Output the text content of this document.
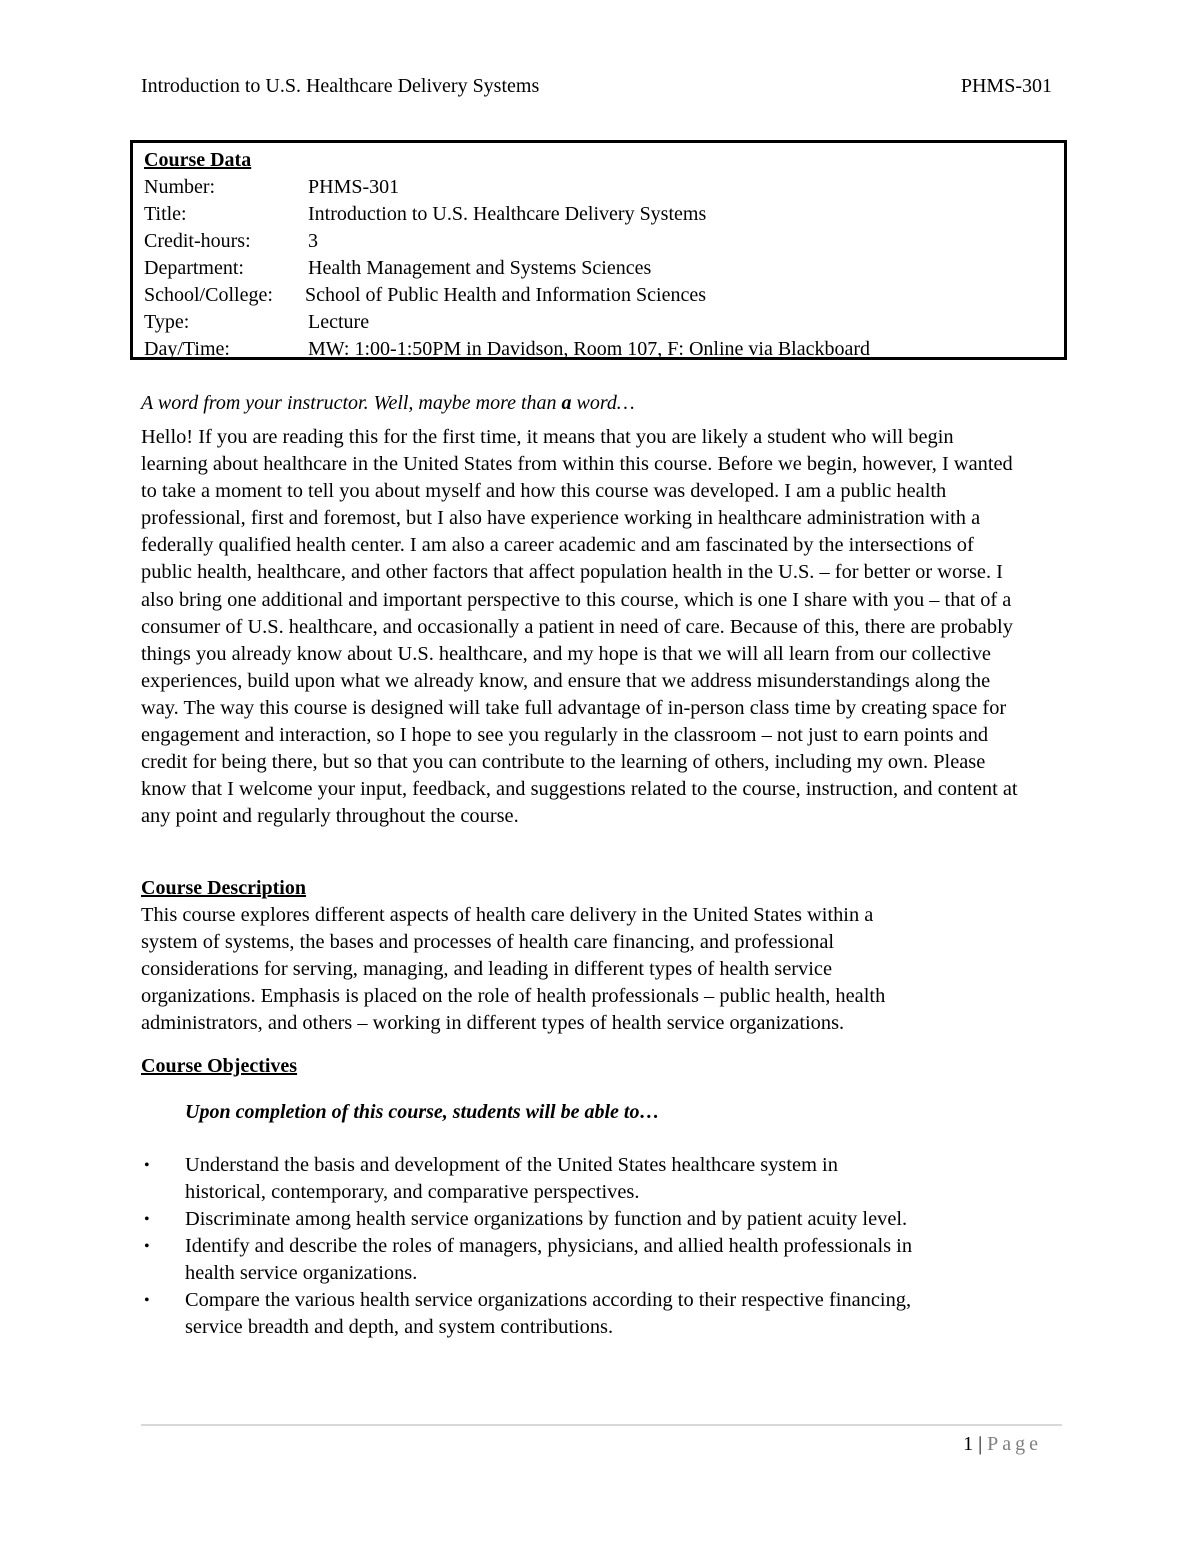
Introduction to U.S. Healthcare Delivery Systems	PHMS-301
Course Data
Number:	PHMS-301
Title:	Introduction to U.S. Healthcare Delivery Systems
Credit-hours:	3
Department:	Health Management and Systems Sciences
School/College:	School of Public Health and Information Sciences
Type:	Lecture
Day/Time:	MW: 1:00-1:50PM in Davidson, Room 107, F: Online via Blackboard
A word from your instructor. Well, maybe more than a word…
Hello! If you are reading this for the first time, it means that you are likely a student who will begin
learning about healthcare in the United States from within this course. Before we begin, however, I wanted
to take a moment to tell you about myself and how this course was developed. I am a public health
professional, first and foremost, but I also have experience working in healthcare administration with a
federally qualified health center. I am also a career academic and am fascinated by the intersections of
public health, healthcare, and other factors that affect population health in the U.S. – for better or worse. I
also bring one additional and important perspective to this course, which is one I share with you – that of a
consumer of U.S. healthcare, and occasionally a patient in need of care. Because of this, there are probably
things you already know about U.S. healthcare, and my hope is that we will all learn from our collective
experiences, build upon what we already know, and ensure that we address misunderstandings along the
way. The way this course is designed will take full advantage of in-person class time by creating space for
engagement and interaction, so I hope to see you regularly in the classroom – not just to earn points and
credit for being there, but so that you can contribute to the learning of others, including my own. Please
know that I welcome your input, feedback, and suggestions related to the course, instruction, and content at
any point and regularly throughout the course.
Course Description
This course explores different aspects of health care delivery in the United States within a
system of systems, the bases and processes of health care financing, and professional
considerations for serving, managing, and leading in different types of health service
organizations. Emphasis is placed on the role of health professionals – public health, health
administrators, and others – working in different types of health service organizations.
Course Objectives
Upon completion of this course, students will be able to…
• Understand the basis and development of the United States healthcare system in
historical, contemporary, and comparative perspectives.
• Discriminate among health service organizations by function and by patient acuity level.
• Identify and describe the roles of managers, physicians, and allied health professionals in
health service organizations.
• Compare the various health service organizations according to their respective financing,
service breadth and depth, and system contributions.
1 | Page
